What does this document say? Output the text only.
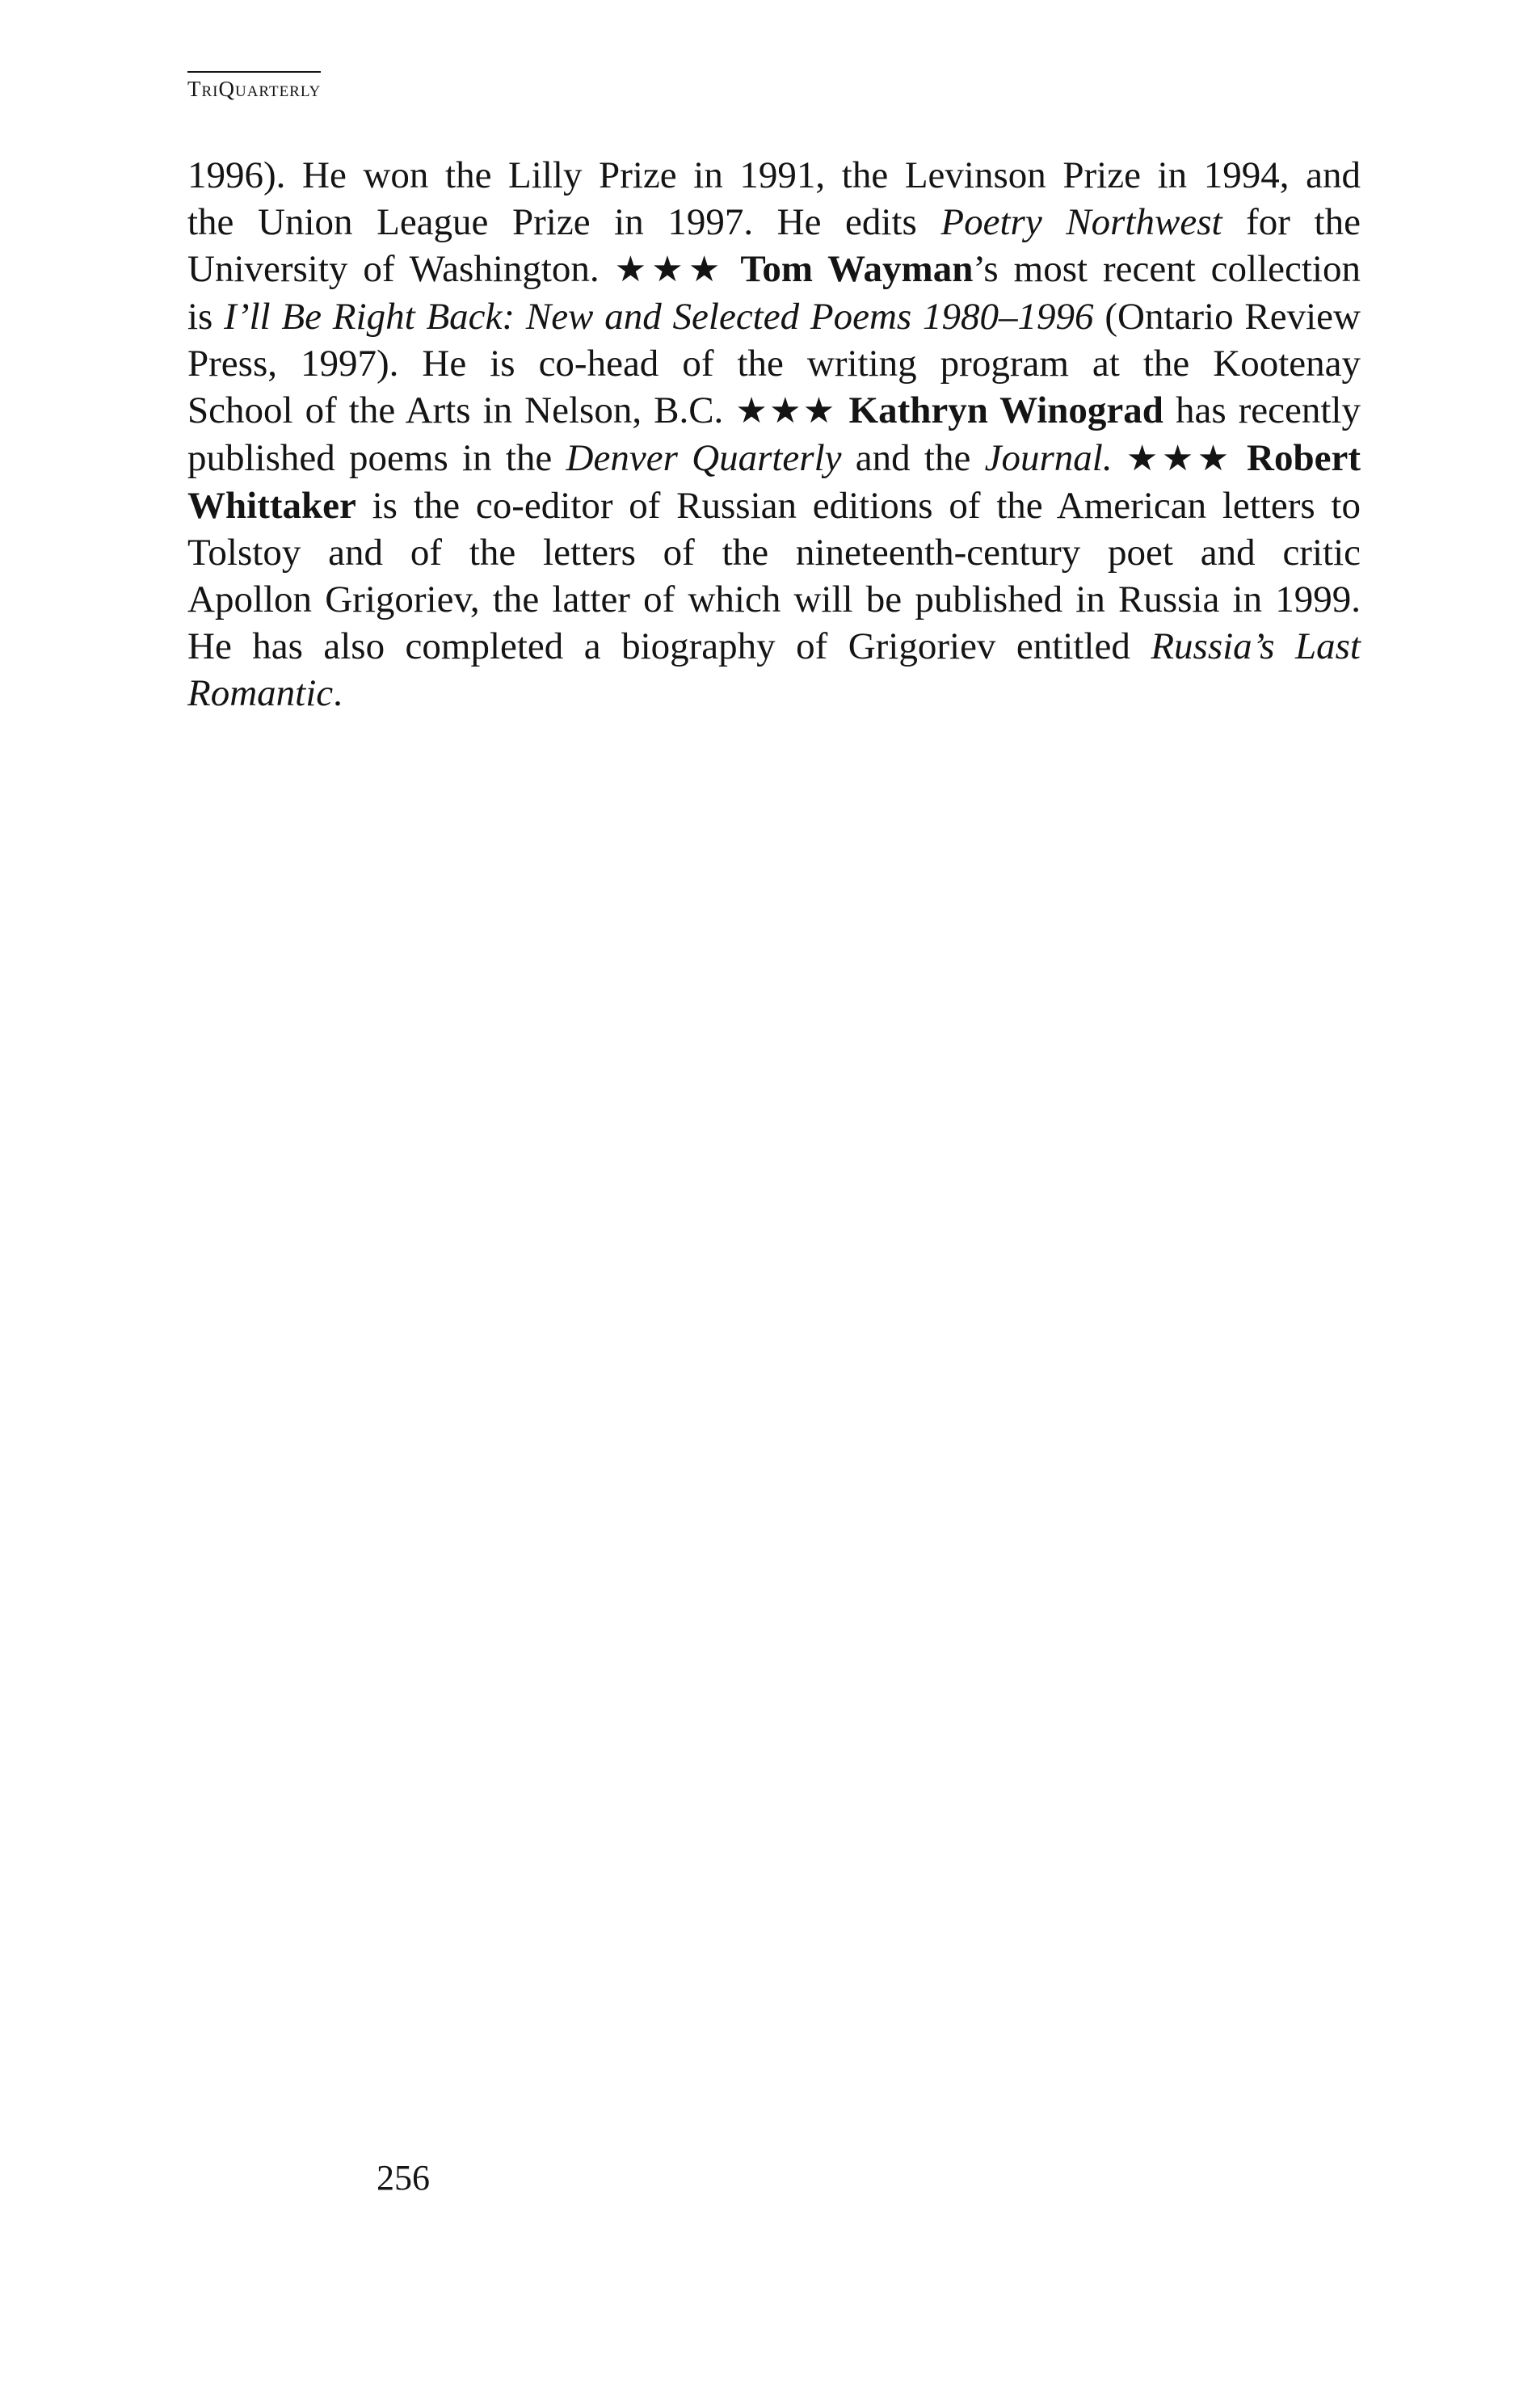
TriQuarterly
1996). He won the Lilly Prize in 1991, the Levinson Prize in 1994, and
the Union League Prize in 1997. He edits Poetry Northwest for the
University of Washington. ★★★ Tom Wayman’s most recent collection
is I’ll Be Right Back: New and Selected Poems 1980–1996 (Ontario Review
Press, 1997). He is co-head of the writing program at the Kootenay
School of the Arts in Nelson, B.C. ★★★ Kathryn Winograd has recently
published poems in the Denver Quarterly and the Journal. ★★★ Robert
Whittaker is the co-editor of Russian editions of the American letters to
Tolstoy and of the letters of the nineteenth-century poet and critic
Apollon Grigoriev, the latter of which will be published in Russia in 1999.
He has also completed a biography of Grigoriev entitled Russia’s Last
Romantic.
256
